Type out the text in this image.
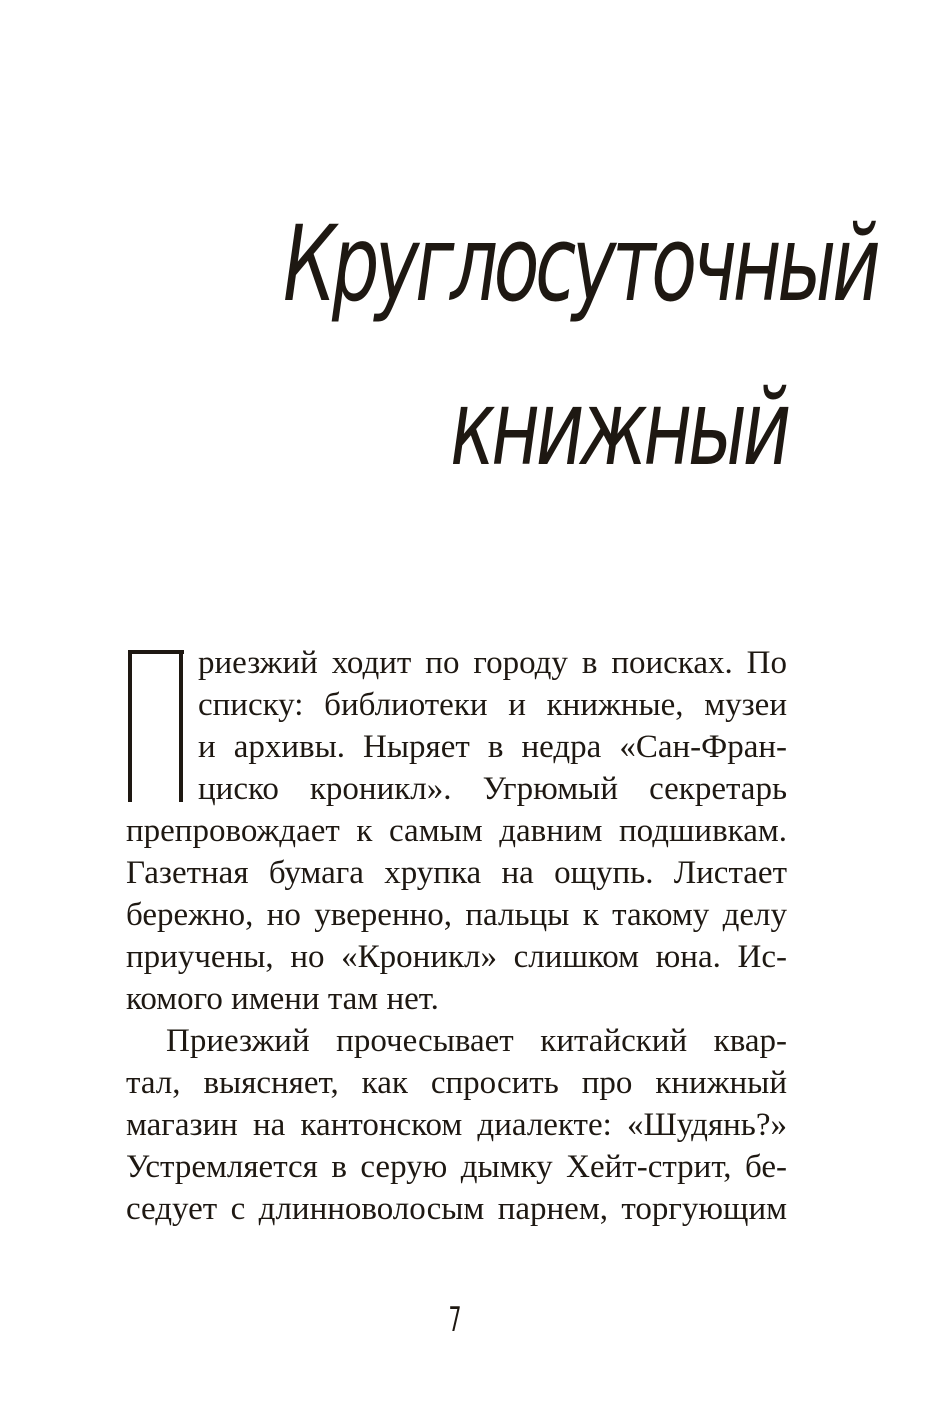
Круглосуточный
книжный

риезжий ходит по городу в поисках. По
списку: библиотеки и книжные, музеи
и архивы. Ныряет в недра «Сан-Фран-
циско кроникл». Угрюмый секретарь
препровождает к самым давним подшивкам.
Газетная бумага хрупка на ощупь. Листает
бережно, но уверенно, пальцы к такому делу
приучены, но «Кроникл» слишком юна. Ис-
комого имени там нет.

Приезжий прочесывает китайский квар-
тал, выясняет, как спросить про книжный
магазин на кантонском диалекте: «Шудянь?»
Устремляется в серую дымку Хейт-стрит, бе-
седует с длинноволосым парнем, торгующим

7
